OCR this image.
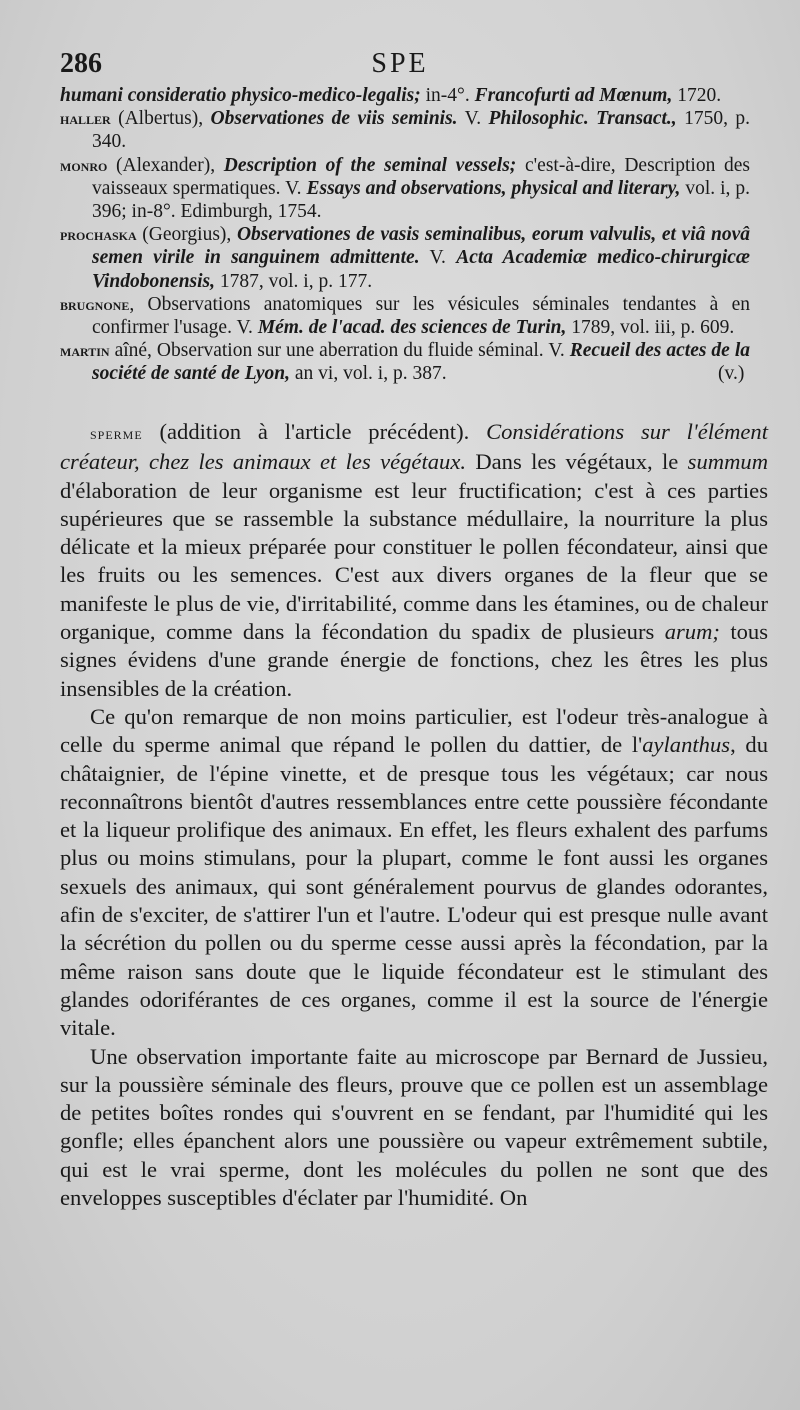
286	SPE

humani consideratio physico-medico-legalis; in-4°. Francofurti ad Mœnum, 1720.

haller (Albertus), Observationes de viis seminis. V. Philosophic. Transact., 1750, p. 340.

monro (Alexander), Description of the seminal vessels; c'est-à-dire, Description des vaisseaux spermatiques. V. Essays and observations, physical and literary, vol. i, p. 396; in-8°. Edimburgh, 1754.

prochaska (Georgius), Observationes de vasis seminalibus, eorum valvulis, et viâ novâ semen virile in sanguinem admittente. V. Acta Academiæ medico-chirurgicæ Vindobonensis, 1787, vol. i, p. 177.

brugnone, Observations anatomiques sur les vésicules séminales tendantes à en confirmer l'usage. V. Mém. de l'acad. des sciences de Turin, 1789, vol. iii, p. 609.

martin aîné, Observation sur une aberration du fluide séminal. V. Recueil des actes de la société de santé de Lyon, an vi, vol. i, p. 387.	(v.)

sperme (addition à l'article précédent). Considérations sur l'élément créateur, chez les animaux et les végétaux. Dans les végétaux, le summum d'élaboration de leur organisme est leur fructification; c'est à ces parties supérieures que se rassemble la substance médullaire, la nourriture la plus délicate et la mieux préparée pour constituer le pollen fécondateur, ainsi que les fruits ou les semences. C'est aux divers organes de la fleur que se manifeste le plus de vie, d'irritabilité, comme dans les étamines, ou de chaleur organique, comme dans la fécondation du spadix de plusieurs arum; tous signes évidens d'une grande énergie de fonctions, chez les êtres les plus insensibles de la création.

Ce qu'on remarque de non moins particulier, est l'odeur très-analogue à celle du sperme animal que répand le pollen du dattier, de l'aylanthus, du châtaignier, de l'épine vinette, et de presque tous les végétaux; car nous reconnaîtrons bientôt d'autres ressemblances entre cette poussière fécondante et la liqueur prolifique des animaux. En effet, les fleurs exhalent des parfums plus ou moins stimulans, pour la plupart, comme le font aussi les organes sexuels des animaux, qui sont généralement pourvus de glandes odorantes, afin de s'exciter, de s'attirer l'un et l'autre. L'odeur qui est presque nulle avant la sécrétion du pollen ou du sperme cesse aussi après la fécondation, par la même raison sans doute que le liquide fécondateur est le stimulant des glandes odoriférantes de ces organes, comme il est la source de l'énergie vitale.

Une observation importante faite au microscope par Bernard de Jussieu, sur la poussière séminale des fleurs, prouve que ce pollen est un assemblage de petites boîtes rondes qui s'ouvrent en se fendant, par l'humidité qui les gonfle; elles épanchent alors une poussière ou vapeur extrêmement subtile, qui est le vrai sperme, dont les molécules du pollen ne sont que des enveloppes susceptibles d'éclater par l'humidité. On
